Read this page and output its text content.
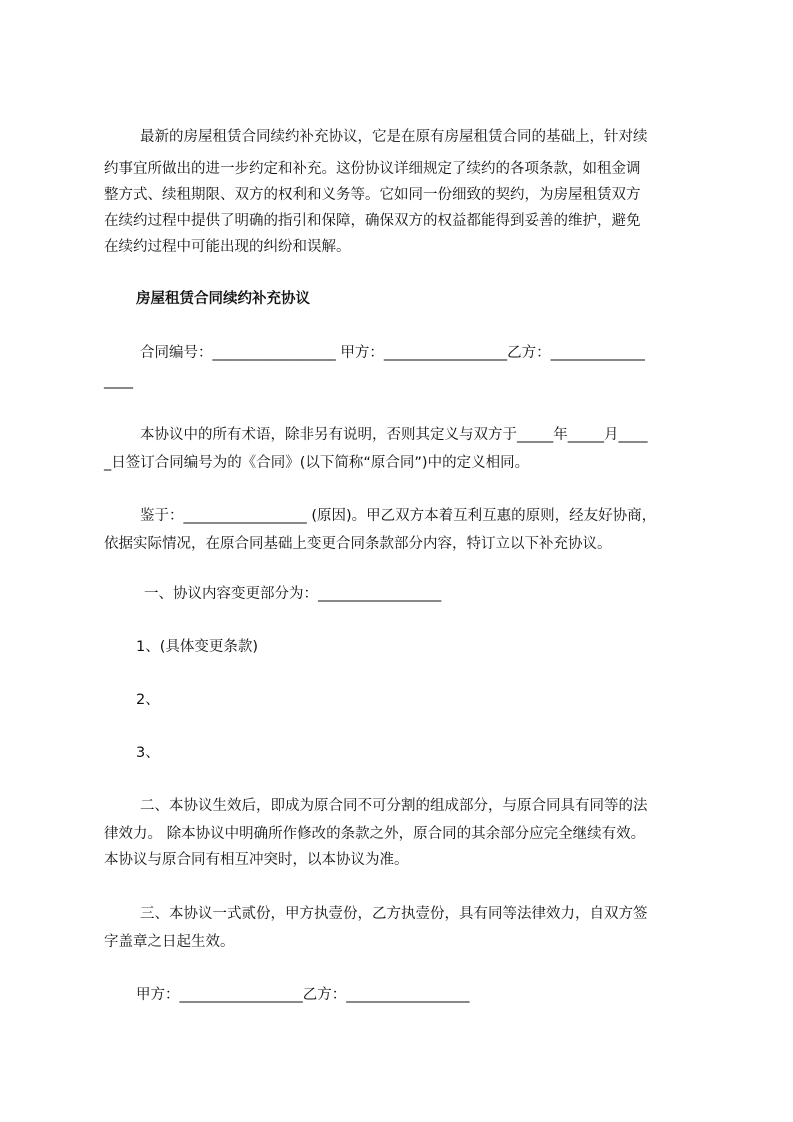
最新的房屋租赁合同续约补充协议，它是在原有房屋租赁合同的基础上，针对续
约事宜所做出的进一步约定和补充。这份协议详细规定了续约的各项条款，如租金调
整方式、续租期限、双方的权利和义务等。它如同一份细致的契约，为房屋租赁双方
在续约过程中提供了明确的指引和保障，确保双方的权益都能得到妥善的维护，避免
在续约过程中可能出现的纠纷和误解。
房屋租赁合同续约补充协议
合同编号：_________________ 甲方：_________________乙方：_____________
____
本协议中的所有术语，除非另有说明，否则其定义与双方于_____年_____月____
_日签订合同编号为的《合同》(以下简称“原合同”)中的定义相同。
鉴于：_________________ (原因)。甲乙双方本着互利互惠的原则，经友好协商，
依据实际情况，在原合同基础上变更合同条款部分内容，特订立以下补充协议。
一、协议内容变更部分为：_________________
1、(具体变更条款)
2、
3、
二、本协议生效后，即成为原合同不可分割的组成部分，与原合同具有同等的法
律效力。 除本协议中明确所作修改的条款之外，原合同的其余部分应完全继续有效。
本协议与原合同有相互冲突时，以本协议为准。
三、本协议一式贰份，甲方执壹份，乙方执壹份，具有同等法律效力，自双方签
字盖章之日起生效。
甲方：_________________乙方：_________________
